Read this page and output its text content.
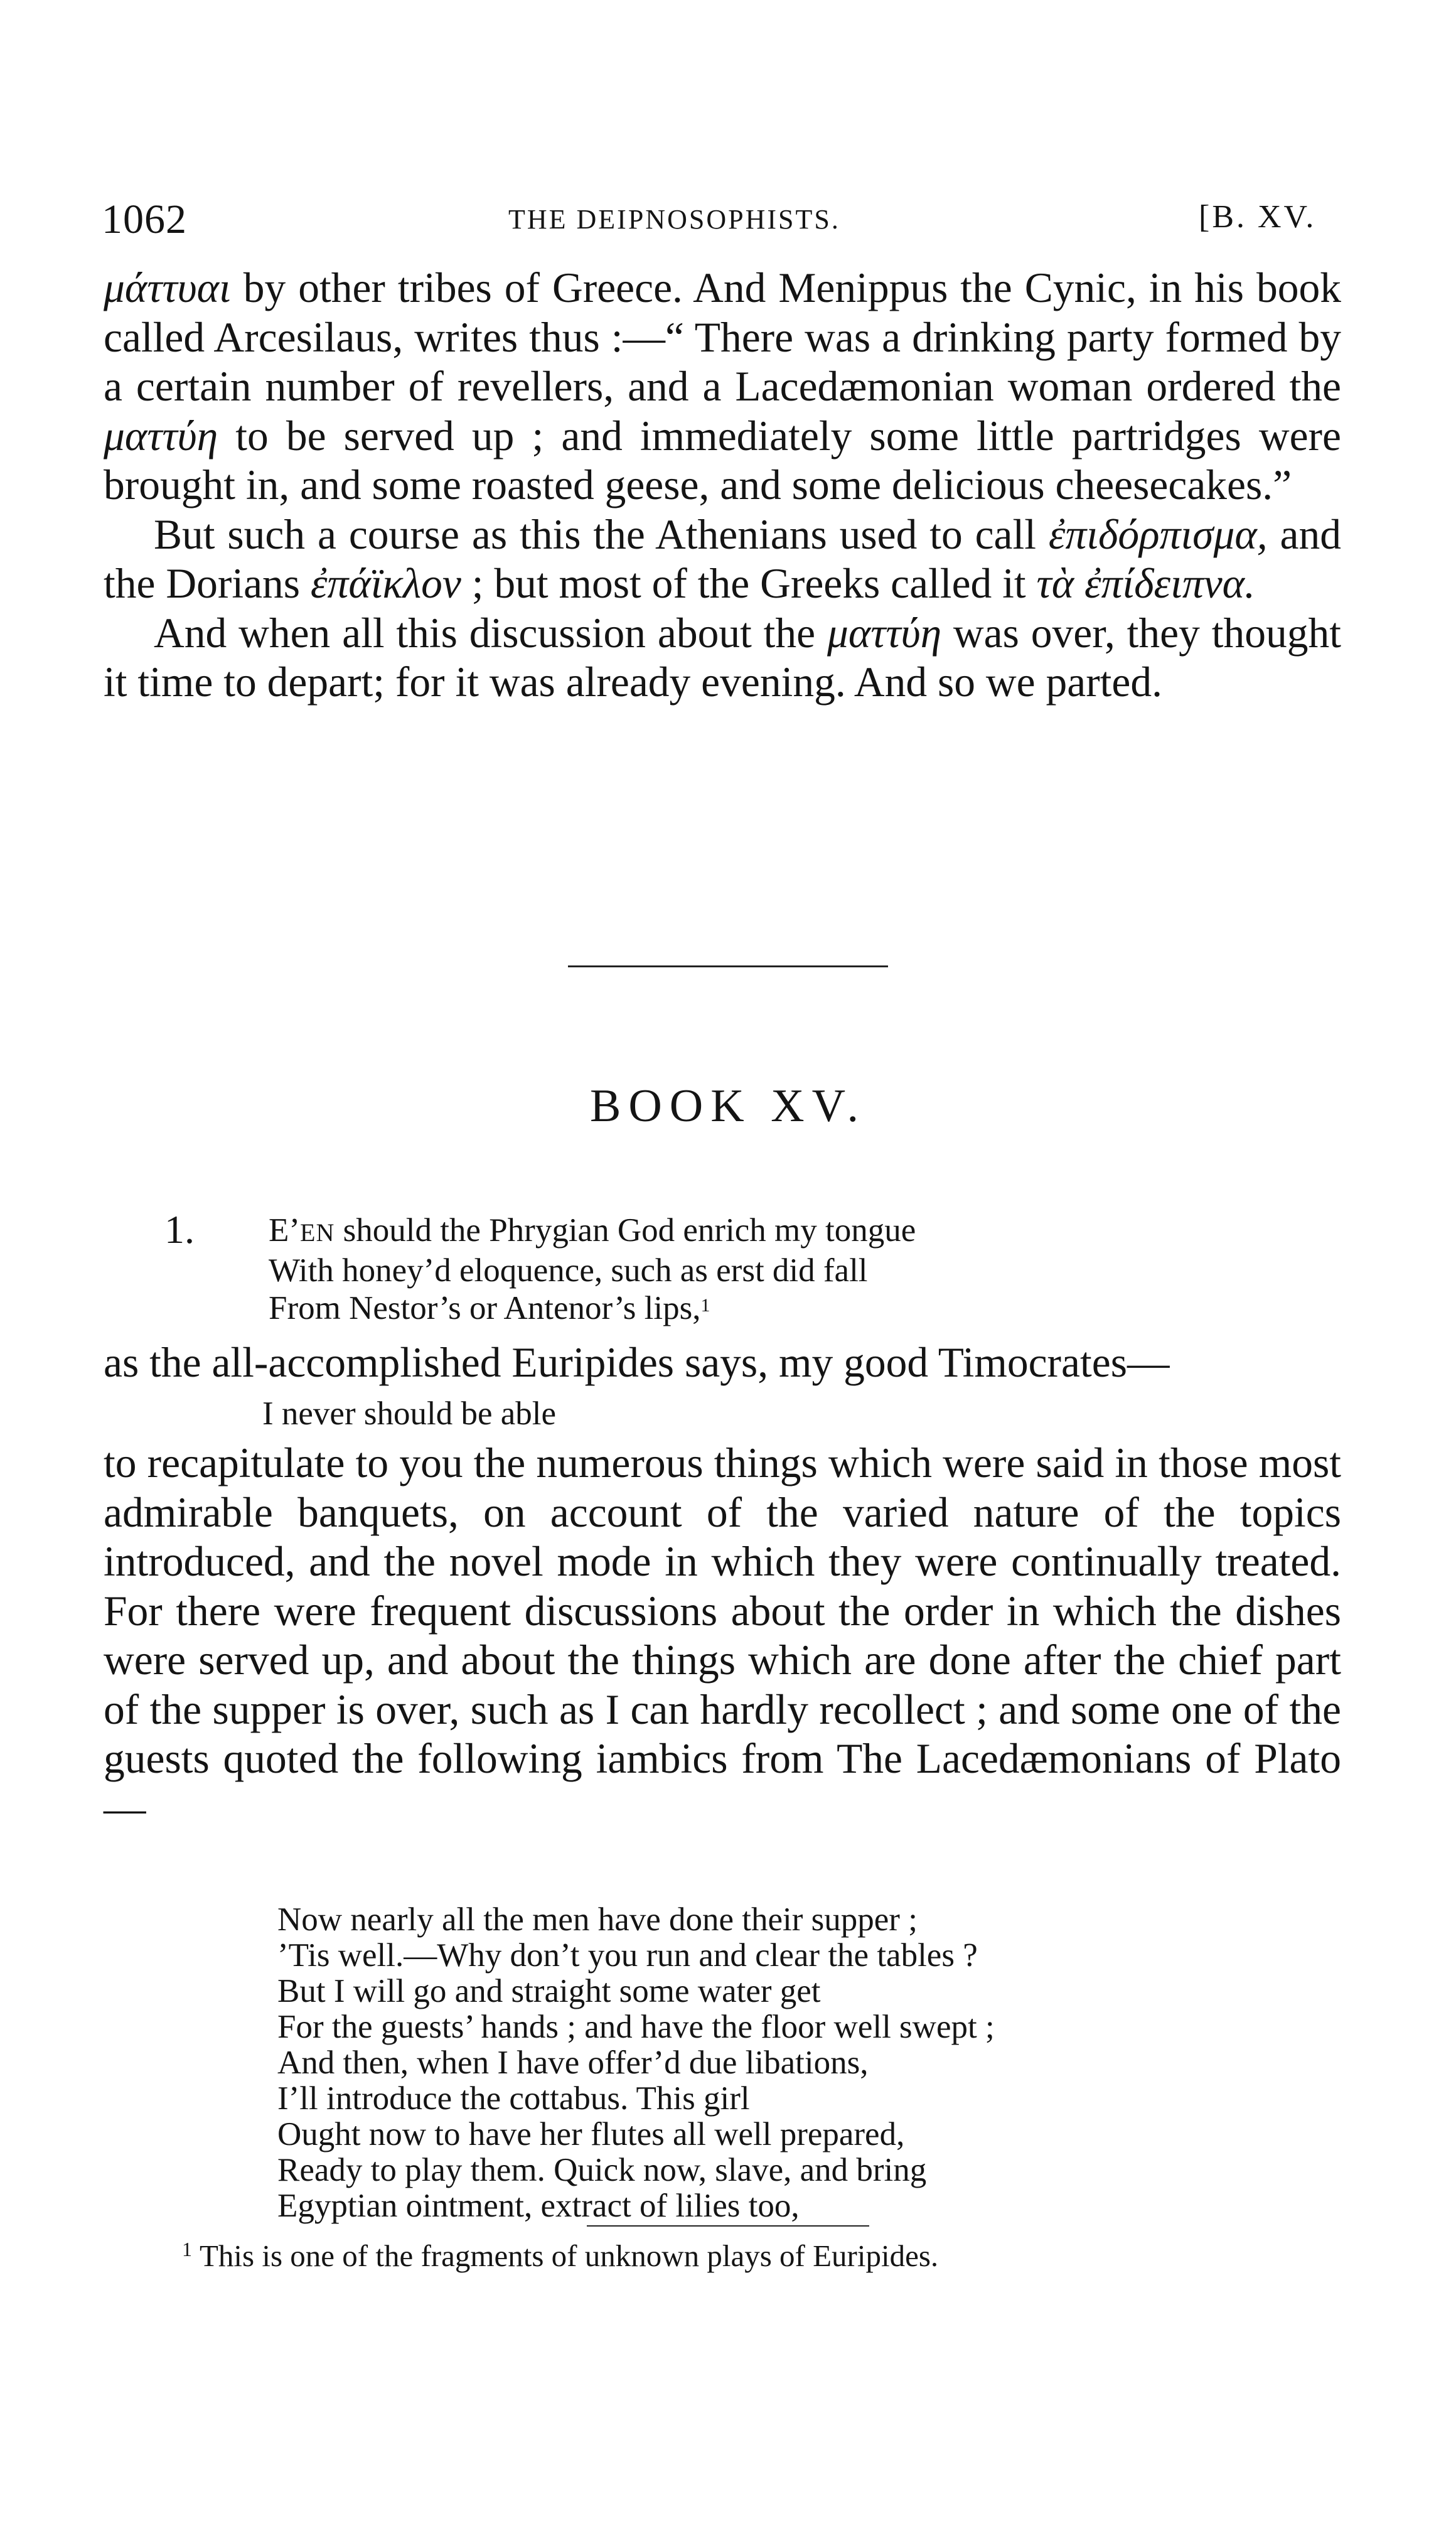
1062	THE DEIPNOSOPHISTS.	[B. XV.

μάττυαι by other tribes of Greece. And Menippus the Cynic, in his book called Arcesilaus, writes thus :—“ There was a drinking party formed by a certain number of revellers, and a Lacedæmonian woman ordered the ματτύη to be served up ; and immediately some little partridges were brought in, and some roasted geese, and some delicious cheesecakes.”

But such a course as this the Athenians used to call ἐπιδόρπισμα, and the Dorians ἐπάϊκλον ; but most of the Greeks called it τὰ ἐπίδειπνα.

And when all this discussion about the ματτύη was over, they thought it time to depart; for it was already evening. And so we parted.

BOOK XV.
1. E’EN should the Phrygian God enrich my tongue
With honey’d eloquence, such as erst did fall
From Nestor’s or Antenor’s lips,$^1$
as the all-accomplished Euripides says, my good Timocrates—
I never should be able
to recapitulate to you the numerous things which were said in those most admirable banquets, on account of the varied nature of the topics introduced, and the novel mode in which they were continually treated. For there were frequent discussions about the order in which the dishes were served up, and about the things which are done after the chief part of the supper is over, such as I can hardly recollect ; and some one of the guests quoted the following iambics from The Lacedæmonians of Plato—
Now nearly all the men have done their supper ;
’Tis well.—Why don’t you run and clear the tables ?
But I will go and straight some water get
For the guests’ hands ; and have the floor well swept ;
And then, when I have offer’d due libations,
I’ll introduce the cottabus. This girl
Ought now to have her flutes all well prepared,
Ready to play them. Quick now, slave, and bring
Egyptian ointment, extract of lilies too,
$^1$ This is one of the fragments of unknown plays of Euripides.
